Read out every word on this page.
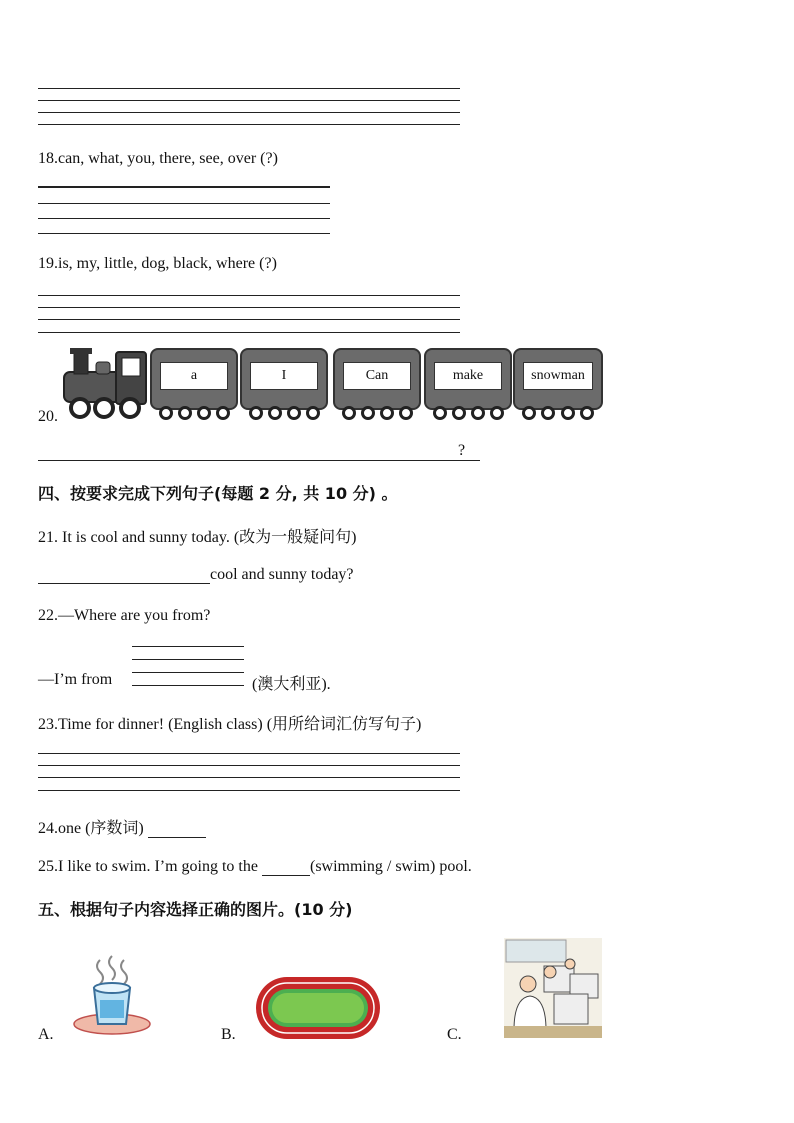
18.can, what, you, there, see, over (?)
19.is, my, little, dog, black, where (?)
20.
a	I	Can	make	snowman
?
四、按要求完成下列句子(每题 2 分, 共 10 分) 。
21. It is cool and sunny today. (改为一般疑问句)
cool and sunny today?
22.—Where are you from?
—I’m from	(澳大利亚).
23.Time for dinner! (English class) (用所给词汇仿写句子)
24.one (序数词)
25.I like to swim. I’m going to the	(swimming / swim) pool.
五、根据句子内容选择正确的图片。(10 分)
A.	B.	C.
